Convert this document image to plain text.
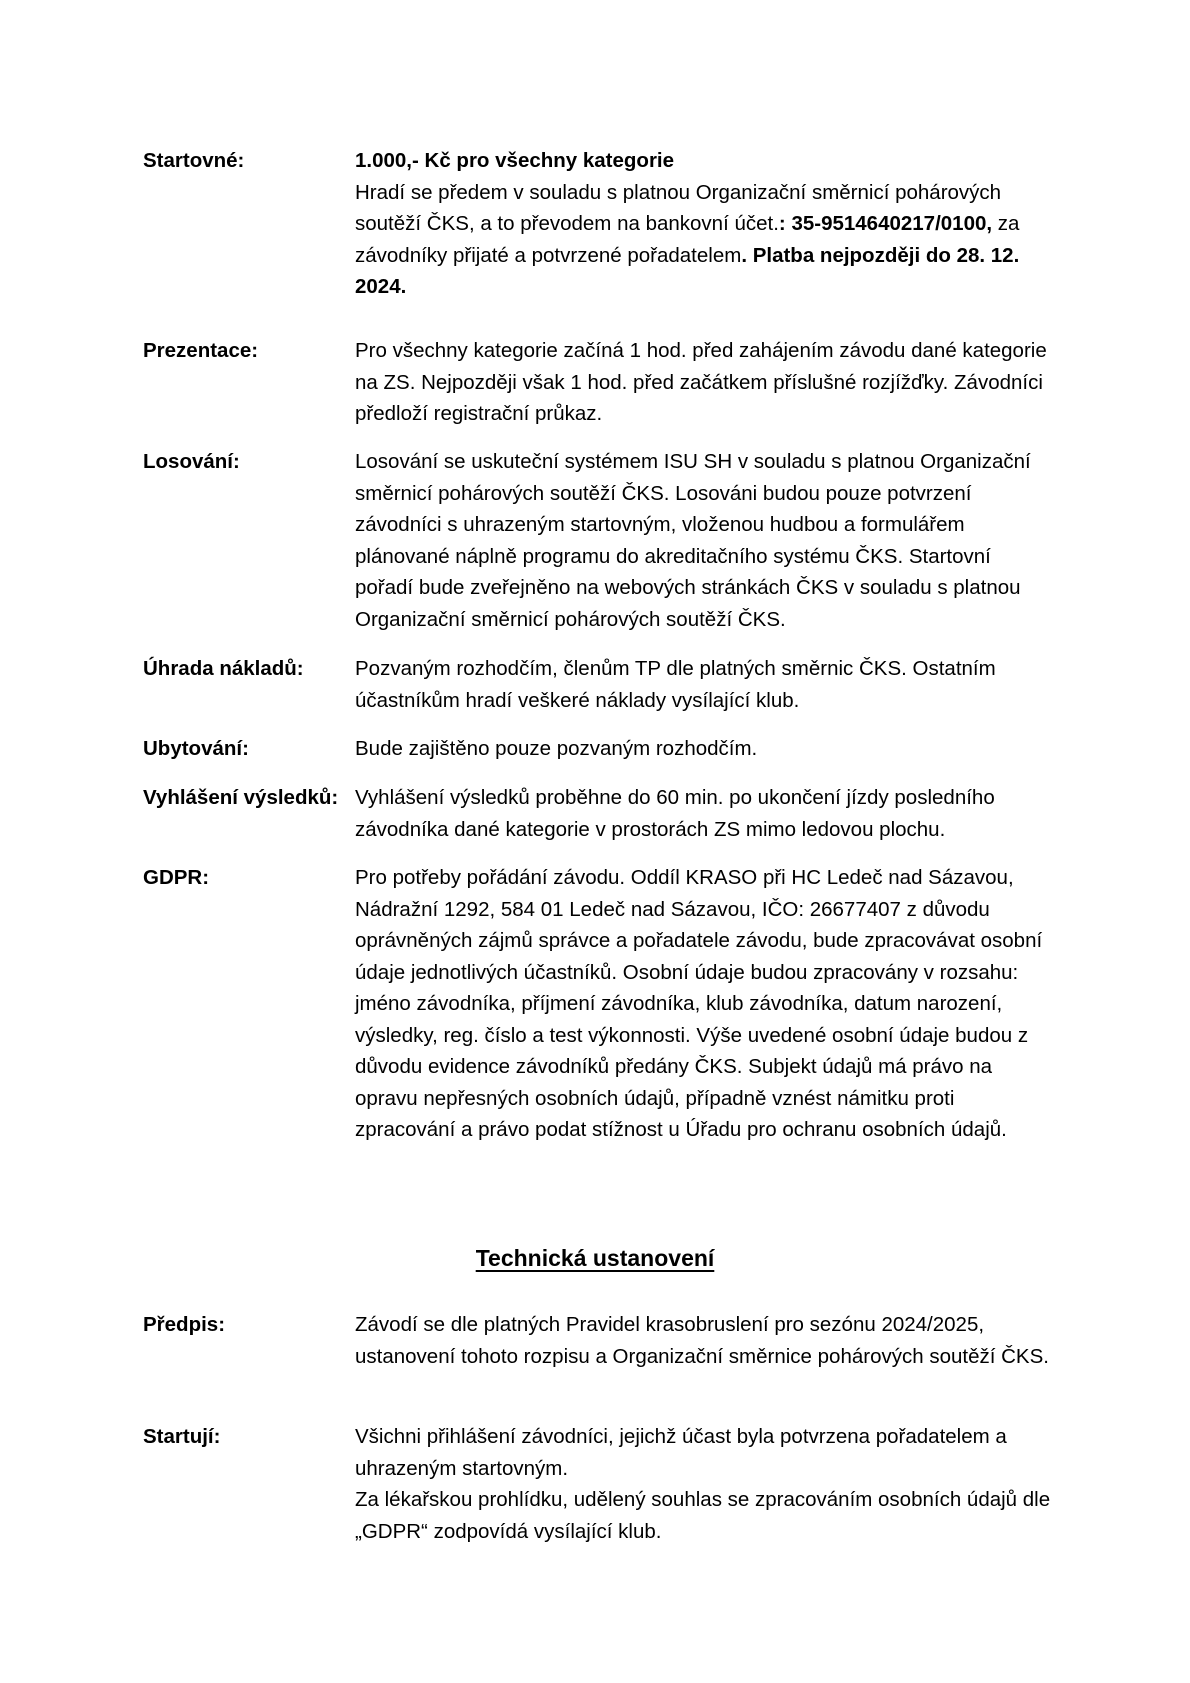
Startovné:	1.000,- Kč pro všechny kategorie

Hradí se předem v souladu s platnou Organizační směrnicí pohárových soutěží ČKS, a to převodem na bankovní účet.: 35-9514640217/0100, za závodníky přijaté a potvrzené pořadatelem. Platba nejpozději do 28. 12. 2024.

Prezentace:	Pro všechny kategorie začíná 1 hod. před zahájením závodu dané kategorie na ZS. Nejpozději však 1 hod. před začátkem příslušné rozjížďky. Závodníci předloží registrační průkaz.
Losování:	Losování se uskuteční systémem ISU SH v souladu s platnou Organizační směrnicí pohárových soutěží ČKS. Losováni budou pouze potvrzení závodníci s uhrazeným startovným, vloženou hudbou a formulářem plánované náplně programu do akreditačního systému ČKS. Startovní pořadí bude zveřejněno na webových stránkách ČKS v souladu s platnou Organizační směrnicí pohárových soutěží ČKS.
Úhrada nákladů:	Pozvaným rozhodčím, členům TP dle platných směrnic ČKS. Ostatním účastníkům hradí veškeré náklady vysílající klub.
Ubytování:	Bude zajištěno pouze pozvaným rozhodčím.
Vyhlášení výsledků: Vyhlášení výsledků proběhne do 60 min. po ukončení jízdy posledního závodníka dané kategorie v prostorách ZS mimo ledovou plochu.
GDPR:	Pro potřeby pořádání závodu. Oddíl KRASO při HC Ledeč nad Sázavou, Nádražní 1292, 584 01 Ledeč nad Sázavou, IČO: 26677407 z důvodu oprávněných zájmů správce a pořadatele závodu, bude zpracovávat osobní údaje jednotlivých účastníků. Osobní údaje budou zpracovány v rozsahu: jméno závodníka, příjmení závodníka, klub závodníka, datum narození, výsledky, reg. číslo a test výkonnosti. Výše uvedené osobní údaje budou z důvodu evidence závodníků předány ČKS. Subjekt údajů má právo na opravu nepřesných osobních údajů, případně vznést námitku proti zpracování a právo podat stížnost u Úřadu pro ochranu osobních údajů.
Technická ustanovení
Předpis:	Závodí se dle platných Pravidel krasobruslení pro sezónu 2024/2025, ustanovení tohoto rozpisu a Organizační směrnice pohárových soutěží ČKS.
Startují:	Všichni přihlášení závodníci, jejichž účast byla potvrzena pořadatelem a uhrazeným startovným.

Za lékařskou prohlídku, udělený souhlas se zpracováním osobních údajů dle „GDPR“ zodpovídá vysílající klub.
